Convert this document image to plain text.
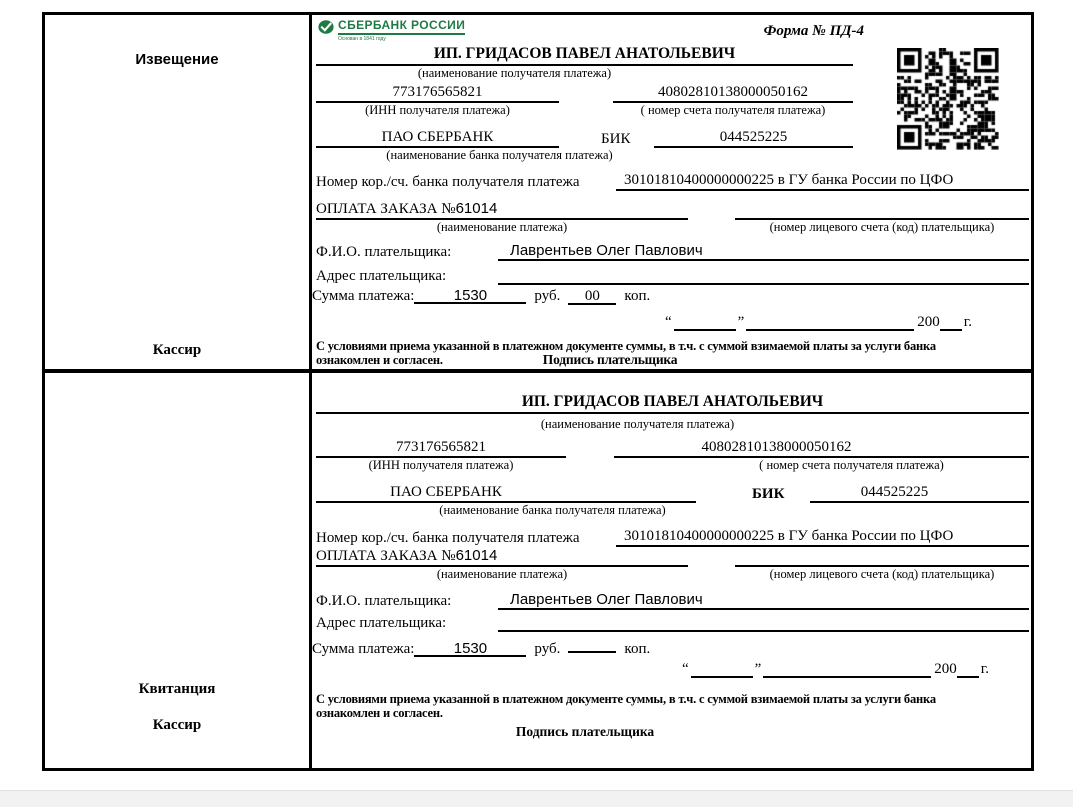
Извещение
Кассир
СБЕРБАНК РОССИИ
Основан в 1841 году	Форма № ПД-4
ИП. ГРИДАСОВ ПАВЕЛ АНАТОЛЬЕВИЧ
(наименование получателя платежа)
773176565821	40802810138000050162
(ИНН получателя платежа)	( номер счета получателя платежа)
ПАО СБЕРБАНК	БИК	044525225
(наименование банка получателя платежа)
Номер кор./сч. банка получателя платежа	30101810400000000225 в ГУ банка России по ЦФО
ОПЛАТА ЗАКАЗА №61014
(наименование платежа)	(номер лицевого счета (код) плательщика)
Ф.И.О. плательщика:	Лаврентьев Олег Павлович
Адрес плательщика:
Сумма платежа:	1530	руб.	00	коп.
“	”	200 г.
С условиями приема указанной в платежном документе суммы, в т.ч. с суммой взимаемой платы за услуги банка
ознакомлен и согласен.	Подпись плательщика
Квитанция
Кассир
ИП. ГРИДАСОВ ПАВЕЛ АНАТОЛЬЕВИЧ
(наименование получателя платежа)
773176565821	40802810138000050162
(ИНН получателя платежа)	( номер счета получателя платежа)
ПАО СБЕРБАНК	БИК	044525225
(наименование банка получателя платежа)
Номер кор./сч. банка получателя платежа	30101810400000000225 в ГУ банка России по ЦФО
ОПЛАТА ЗАКАЗА №61014
(наименование платежа)	(номер лицевого счета (код) плательщика)
Ф.И.О. плательщика:	Лаврентьев Олег Павлович
Адрес плательщика:
Сумма платежа:	1530	руб.	коп.
“	”	200 г.
С условиями приема указанной в платежном документе суммы, в т.ч. с суммой взимаемой платы за услуги банка
ознакомлен и согласен.
Подпись плательщика
